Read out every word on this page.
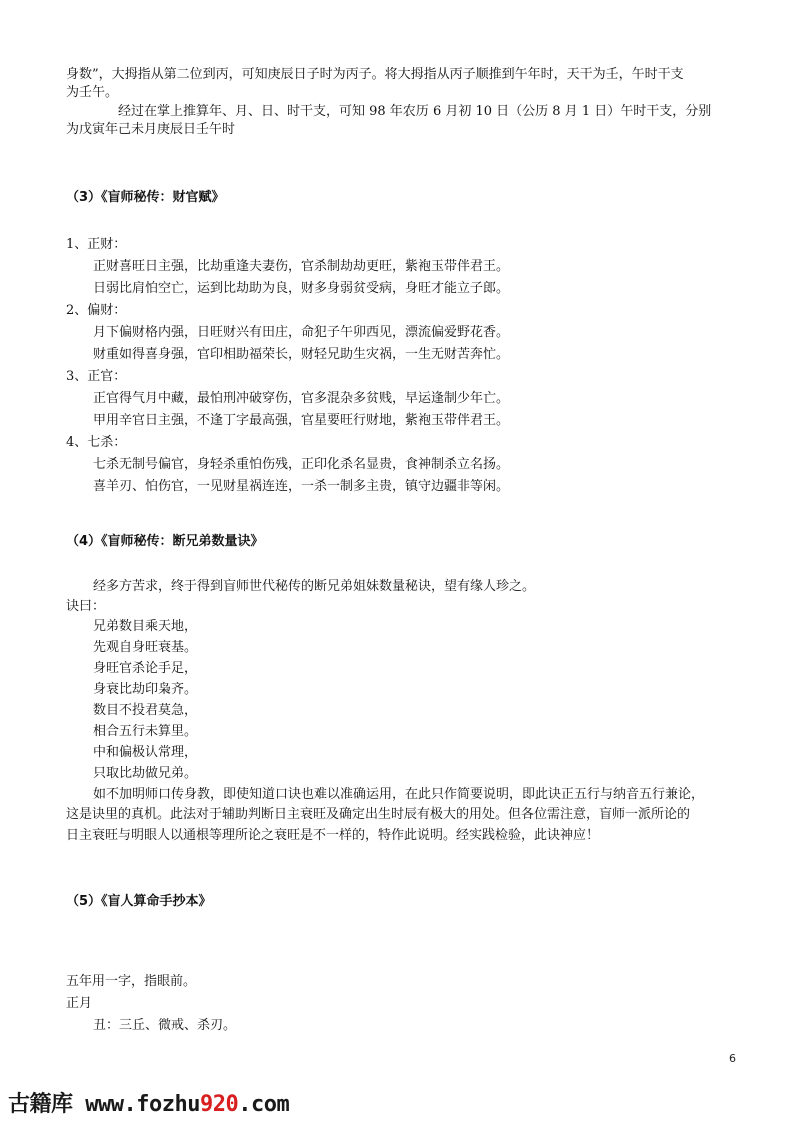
身数”，大拇指从第二位到丙，可知庚辰日子时为丙子。将大拇指从丙子顺推到午年时，天干为壬，午时干支
为壬午。
经过在掌上推算年、月、日、时干支，可知 98 年农历 6 月初 10 日（公历 8 月 1 日）午时干支，分别
为戊寅年己未月庚辰日壬午时
（3）《盲师秘传：财官赋》
1、正财：
正财喜旺日主强，比劫重逢夫妻伤，官杀制劫劫更旺，紫袍玉带伴君王。
日弱比肩怕空亡，运到比劫助为良，财多身弱贫受病，身旺才能立子郎。
2、偏财：
月下偏财格内强，日旺财兴有田庄，命犯子午卯西见，漂流偏爱野花香。
财重如得喜身强，官印相助福荣长，财轻兄助生灾祸，一生无财苦奔忙。
3、正官：
正官得气月中藏，最怕刑冲破穿伤，官多混杂多贫贱，早运逢制少年亡。
甲用辛官日主强，不逢丁字最高强，官星要旺行财地，紫袍玉带伴君王。
4、七杀：
七杀无制号偏官，身轻杀重怕伤残，正印化杀名显贵，食神制杀立名扬。
喜羊刃、怕伤官，一见财星祸连连，一杀一制多主贵，镇守边疆非等闲。
（4）《盲师秘传：断兄弟数量诀》
经多方苦求，终于得到盲师世代秘传的断兄弟姐妹数量秘诀，望有缘人珍之。
诀曰：
兄弟数目乘天地，
先观自身旺衰基。
身旺官杀论手足，
身衰比劫印枭齐。
数目不投君莫急，
相合五行未算里。
中和偏极认常理，
只取比劫做兄弟。
如不加明师口传身教，即使知道口诀也难以准确运用，在此只作简要说明，即此诀正五行与纳音五行兼论，
这是诀里的真机。此法对于辅助判断日主衰旺及确定出生时辰有极大的用处。但各位需注意，盲师一派所论的
日主衰旺与明眼人以通根等理所论之衰旺是不一样的，特作此说明。经实践检验，此诀神应！
（5）《盲人算命手抄本》
五年用一字，指眼前。
正月
丑：三丘、微戒、杀刃。
6
古籍库 www.fozhu920.com
